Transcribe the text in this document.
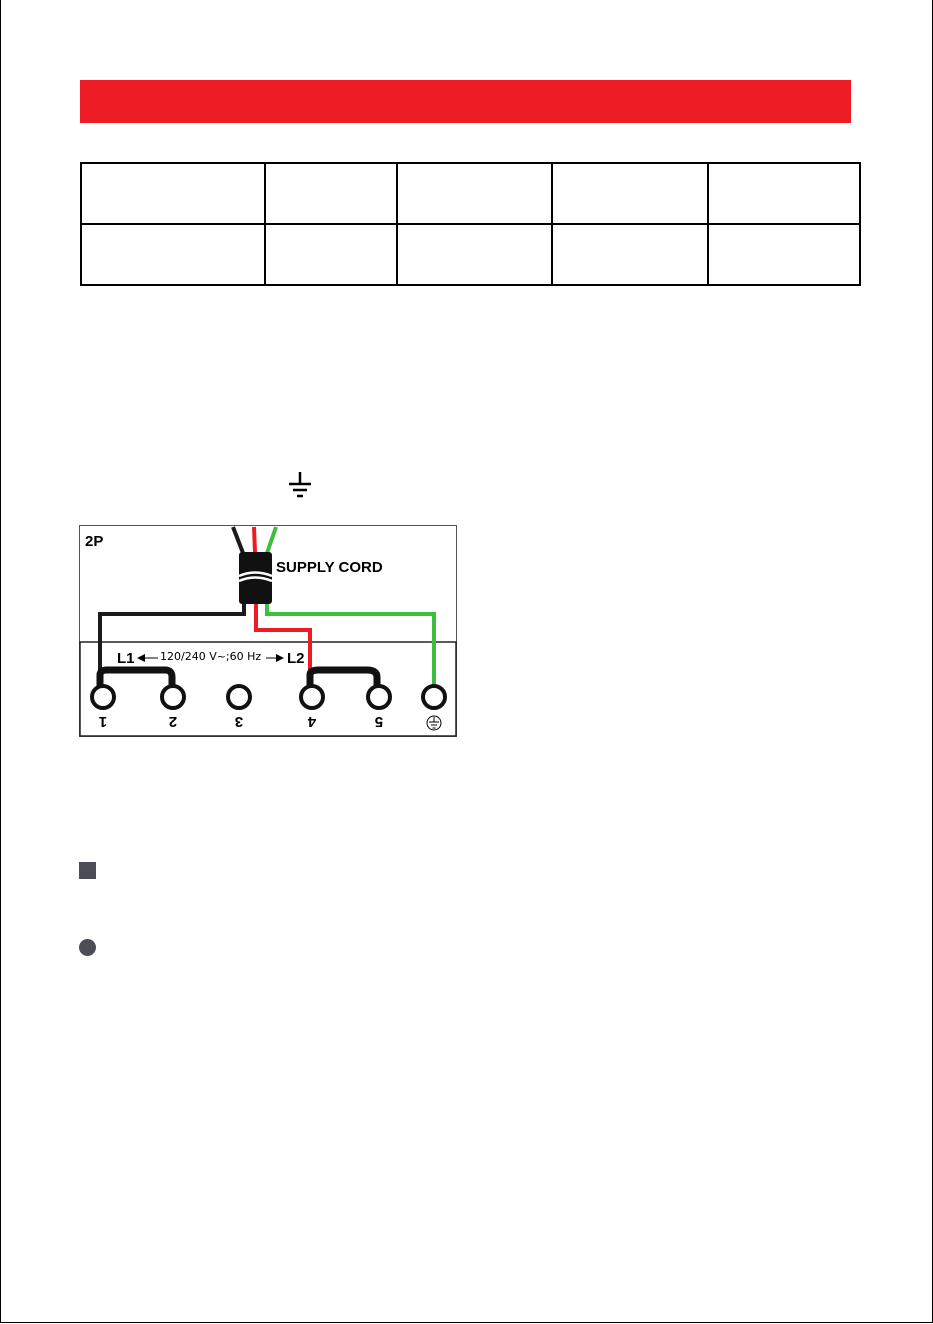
2P
SUPPLY CORD
120/240 V~;60 Hz
L1	L2
1	2	3	4	5
